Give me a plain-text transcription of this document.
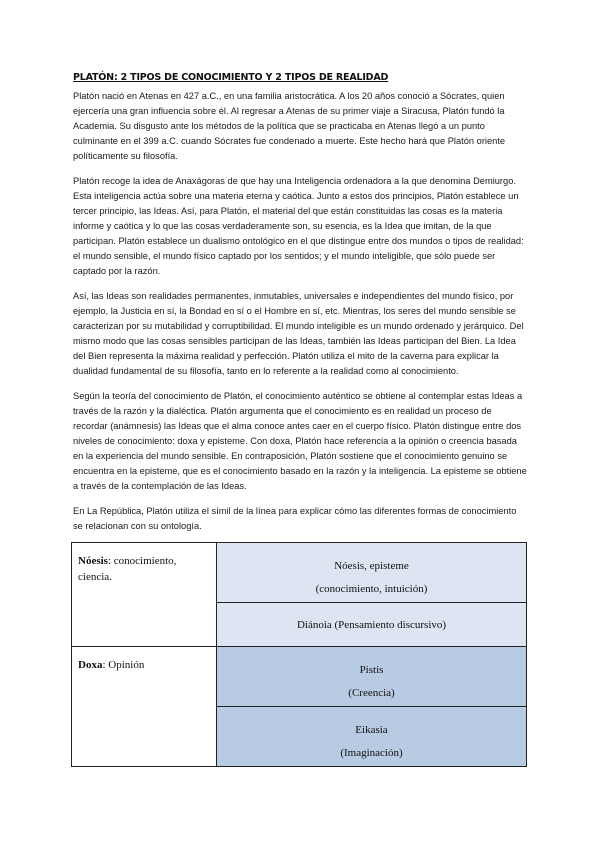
PLATÓN: 2 TIPOS DE CONOCIMIENTO Y 2 TIPOS DE REALIDAD

Platón nació en Atenas en 427 a.C., en una familia aristocrática. A los 20 años conoció a Sócrates, quien ejercería una gran influencia sobre él. Al regresar a Atenas de su primer viaje a Siracusa, Platón fundó la Academia. Su disgusto ante los métodos de la política que se practicaba en Atenas llegó a un punto culminante en el 399 a.C. cuando Sócrates fue condenado a muerte. Este hecho hará que Platón oriente políticamente su filosofía.

Platón recoge la idea de Anaxágoras de que hay una Inteligencia ordenadora a la que denomina Demiurgo. Esta inteligencia actúa sobre una materia eterna y caótica. Junto a estos dos principios, Platón establece un tercer principio, las Ideas. Así, para Platón, el material del que están constituidas las cosas es la materia informe y caótica y lo que las cosas verdaderamente son, su esencia, es la Idea que imitan, de la que participan. Platón establece un dualismo ontológico en el que distingue entre dos mundos o tipos de realidad: el mundo sensible, el mundo físico captado por los sentidos; y el mundo inteligible, que sólo puede ser captado por la razón.

Así, las Ideas son realidades permanentes, inmutables, universales e independientes del mundo físico, por ejemplo, la Justicia en sí, la Bondad en sí o el Hombre en sí, etc. Mientras, los seres del mundo sensible se caracterizan por su mutabilidad y corruptibilidad. El mundo inteligible es un mundo ordenado y jerárquico. Del mismo modo que las cosas sensibles participan de las Ideas, también las Ideas participan del Bien. La Idea del Bien representa la máxima realidad y perfección. Platón utiliza el mito de la caverna para explicar la dualidad fundamental de su filosofía, tanto en lo referente a la realidad como al conocimiento.

Según la teoría del conocimiento de Platón, el conocimiento auténtico se obtiene al contemplar estas Ideas a través de la razón y la dialéctica. Platón argumenta que el conocimiento es en realidad un proceso de recordar (anámnesis) las Ideas que el alma conoce antes caer en el cuerpo físico. Platón distingue entre dos niveles de conocimiento: doxa y episteme. Con doxa, Platón hace referencia a la opinión o creencia basada en la experiencia del mundo sensible. En contraposición, Platón sostiene que el conocimiento genuino se encuentra en la episteme, que es el conocimiento basado en la razón y la inteligencia. La episteme se obtiene a través de la contemplación de las Ideas.

En La República, Platón utiliza el símil de la línea para explicar cómo las diferentes formas de conocimiento se relacionan con su ontología.

Nóesis: conocimiento, ciencia.	Nóesis, episteme
(conocimiento, intuición)

	Diánoia (Pensamiento discursivo)

Doxa: Opinión	Pistis
(Creencia)

	Eikasia
(Imaginación)
